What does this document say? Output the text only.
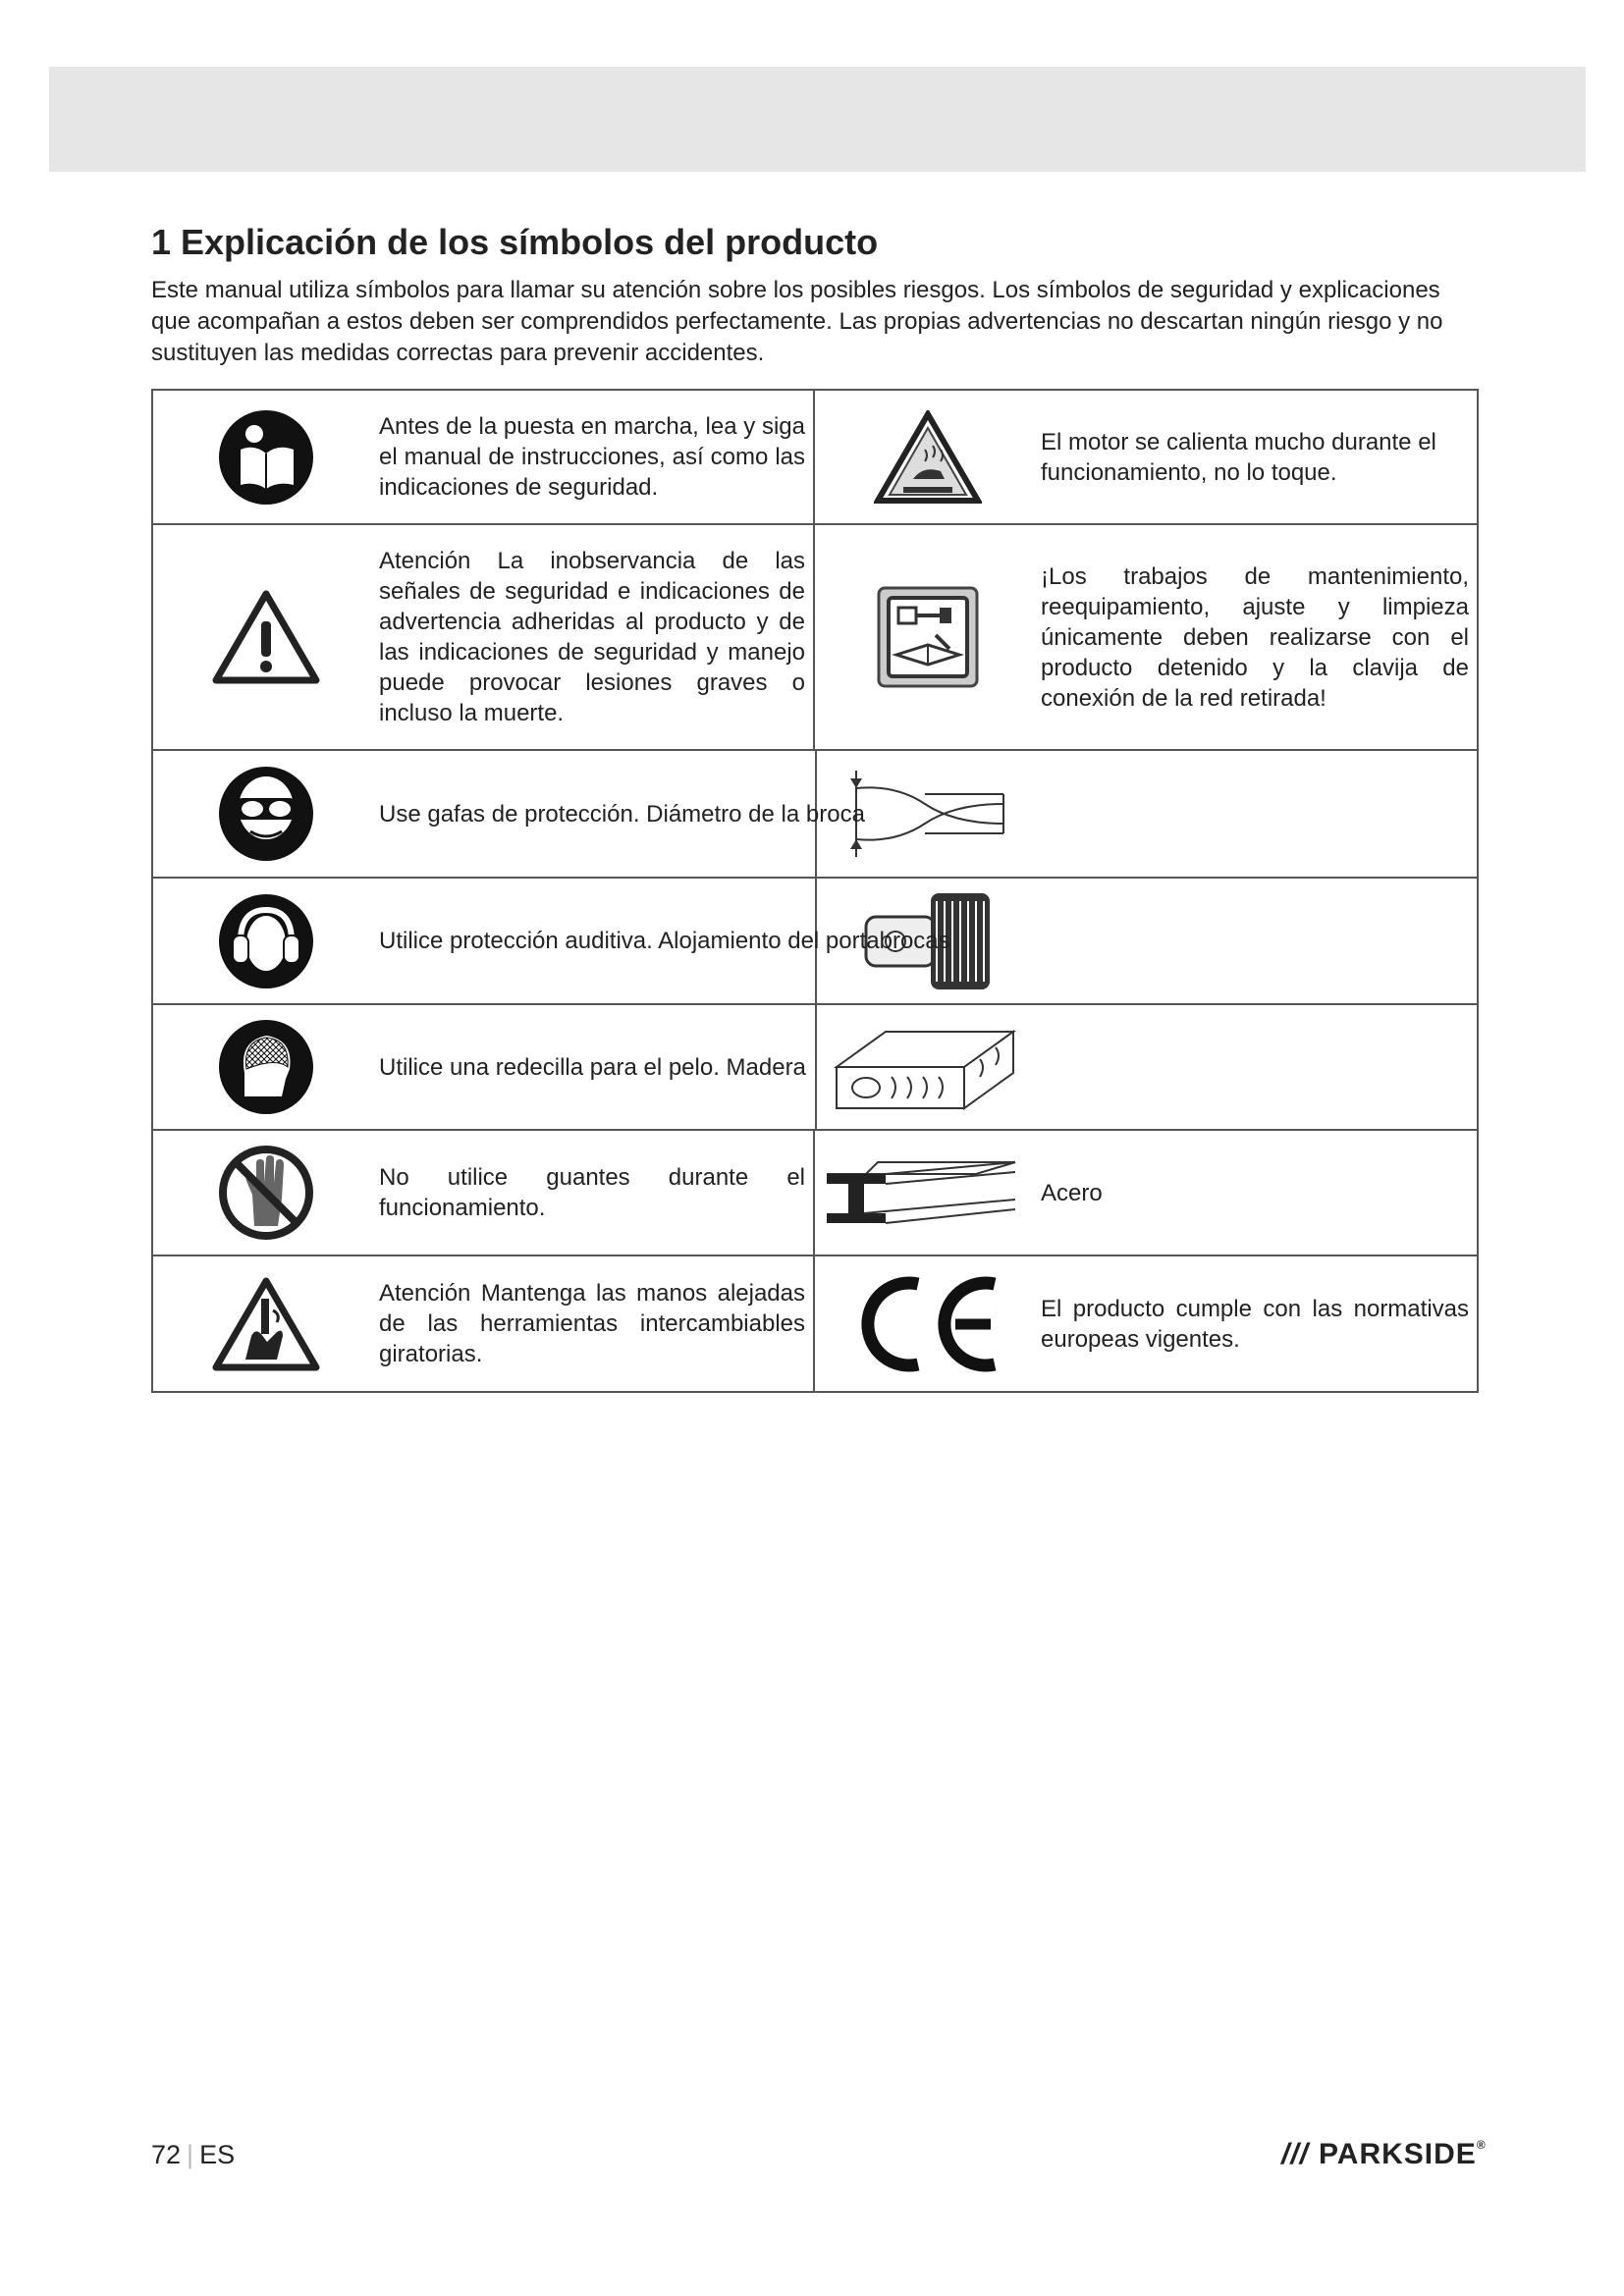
1 Explicación de los símbolos del producto

Este manual utiliza símbolos para llamar su atención sobre los posibles riesgos. Los símbolos de seguridad y explicaciones que acompañan a estos deben ser comprendidos perfectamente. Las propias advertencias no descartan ningún riesgo y no sustituyen las medidas correctas para prevenir accidentes.

Antes de la puesta en marcha, lea y siga el manual de instrucciones, así como las indicaciones de seguridad.
El motor se calienta mucho durante el funcionamiento, no lo toque.
Atención La inobservancia de las señales de seguridad e indicaciones de advertencia adheridas al producto y de las indicaciones de seguridad y manejo puede provocar lesiones graves o incluso la muerte.
¡Los trabajos de mantenimiento, reequipamiento, ajuste y limpieza únicamente deben realizarse con el producto detenido y la clavija de conexión de la red retirada!
Use gafas de protección. Diámetro de la broca
Utilice protección auditiva. Alojamiento del portabrocas
Utilice una redecilla para el pelo. Madera
No utilice guantes durante el funcionamiento.
Acero
Atención Mantenga las manos alejadas de las herramientas intercambiables giratorias.
El producto cumple con las normativas europeas vigentes.
72 | ES	/// PARKSIDE®
